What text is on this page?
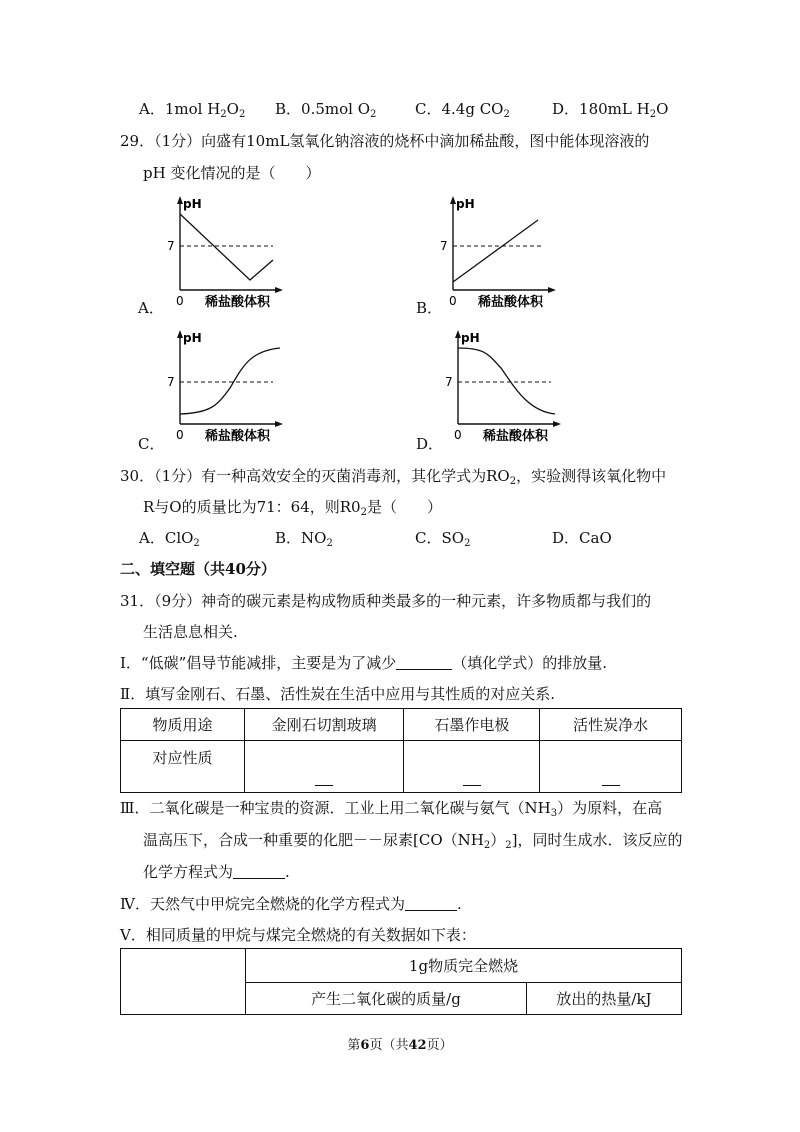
A．1mol $H_2O_2$ B．0.5mol $O_2$	C．4.4g $CO_2$	D．180mL $H_2O$
29．（1分）向盛有10mL氢氧化钠溶液的烧杯中滴加稀盐酸，图中能体现溶液的
pH 变化情况的是（　　）
A．
pH
7
0 稀盐酸体积	B．
pH
7
0 稀盐酸体积
C．
pH
7
0 稀盐酸体积	D．
pH
7
0 稀盐酸体积
30．（1分）有一种高效安全的灭菌消毒剂，其化学式为$RO_2$，实验测得该氧化物中
R与O的质量比为71：64，则$R0_2$是（　　）
A．ClO$_2$	B．$NO_2$	C．$SO_2$	D．CaO
二、填空题（共40分）
31．（9分）神奇的碳元素是构成物质种类最多的一种元素，许多物质都与我们的
生活息息相关.
Ⅰ．“低碳”倡导节能减排，主要是为了减少	（填化学式）的排放量.
Ⅱ．填写金刚石、石墨、活性炭在生活中应用与其性质的对应关系.
物质用途	金刚石切割玻璃	石墨作电极	活性炭净水
对应性质			
Ⅲ．二氧化碳是一种宝贵的资源．工业上用二氧化碳与氨气$(NH_3)$为原料，在高
温高压下，合成一种重要的化肥－－尿素$[CO(NH_2)_2]$，同时生成水．该反应的
化学方程式为	.
Ⅳ．天然气中甲烷完全燃烧的化学方程式为	.
Ⅴ．相同质量的甲烷与煤完全燃烧的有关数据如下表：
	1g物质完全燃烧	
	产生二氧化碳的质量/g	放出的热量/kJ
第6页（共42页）
